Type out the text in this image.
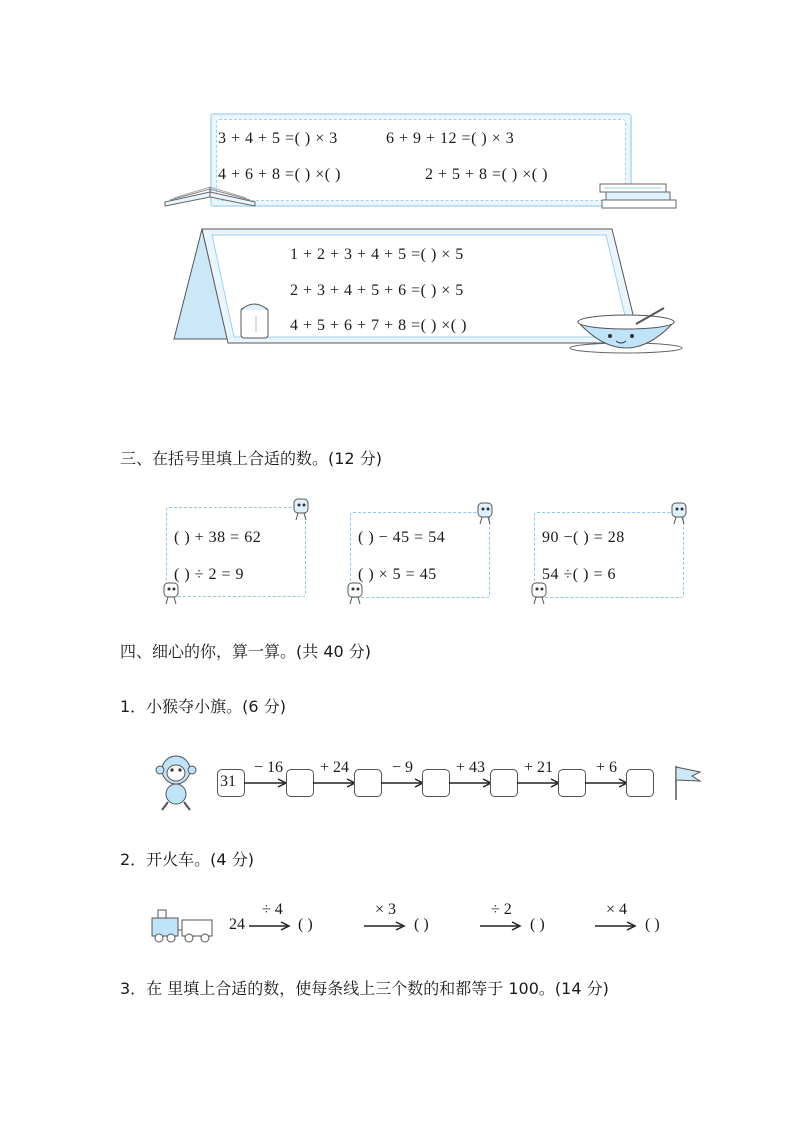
3 + 4 + 5 =( ) × 3	6 + 9 + 12 =( ) × 3
4 + 6 + 8 =( ) ×( )	2 + 5 + 8 =( ) ×( )
1 + 2 + 3 + 4 + 5 =( ) × 5
2 + 3 + 4 + 5 + 6 =( ) × 5
4 + 5 + 6 + 7 + 8 =( ) ×( )
三、在括号里填上合适的数。(12 分)
( ) + 38 = 62
( ) ÷ 2 = 9
( ) − 45 = 54
( ) × 5 = 45
90 −( ) = 28
54 ÷( ) = 6
四、细心的你，算一算。(共 40 分)
1．小猴夺小旗。(6 分)
31
− 16 + 24	− 9	+ 43 + 21	+ 6
2．开火车。(4 分)
24
÷ 4
( )
× 3
( )
÷ 2
( )
× 4
( )
3．在 里填上合适的数，使每条线上三个数的和都等于 100。(14 分)
